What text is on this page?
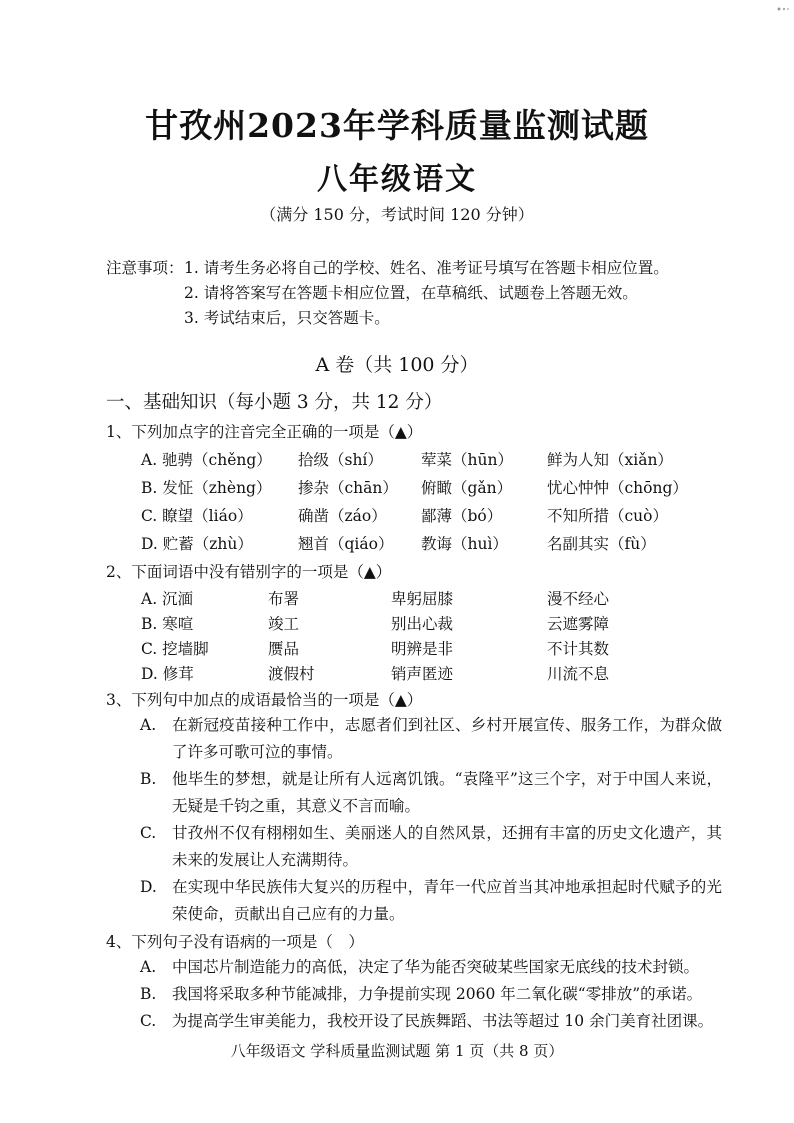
甘孜州2023年学科质量监测试题
八年级语文
（满分 150 分，考试时间 120 分钟）
注意事项： 1. 请考生务必将自己的学校、姓名、准考证号填写在答题卡相应位置。
2. 请将答案写在答题卡相应位置，在草稿纸、试题卷上答题无效。
3. 考试结束后，只交答题卡。
A 卷（共 100 分）
一、基础知识（每小题 3 分，共 12 分）
1、下列加点字的注音完全正确的一项是（▲）
A. 驰骋（chěng） 拾级（shí） 荤菜（hūn） 鲜为人知（xiǎn）
B. 发怔（zhèng） 掺杂（chān） 俯瞰（gǎn） 忧心忡忡（chōng）
C. 瞭望（liáo）	确凿（záo） 鄙薄（bó）	不知所措（cuò）
D. 贮蓄（zhù）	翘首（qiáo） 教诲（huì）	名副其实（fù）
2、下面词语中没有错别字的一项是（▲）
A. 沉湎	布署	卑躬屈膝	漫不经心
B. 寒喧	竣工	别出心裁	云遮雾障
C. 挖墙脚	赝品	明辨是非	不计其数
D. 修茸	渡假村	销声匿迹	川流不息
3、下列句中加点的成语最恰当的一项是（▲）
A.	在新冠疫苗接种工作中，志愿者们到社区、乡村开展宣传、服务工作，为群众做了许多可歌可泣的事情。
B.	他毕生的梦想，就是让所有人远离饥饿。“袁隆平”这三个字，对于中国人来说，无疑是千钧之重，其意义不言而喻。
C.	甘孜州不仅有栩栩如生、美丽迷人的自然风景，还拥有丰富的历史文化遗产，其未来的发展让人充满期待。
D. 在实现中华民族伟大复兴的历程中，青年一代应首当其冲地承担起时代赋予的光荣使命，贡献出自己应有的力量。
4、下列句子没有语病的一项是（　）
A.	中国芯片制造能力的高低，决定了华为能否突破某些国家无底线的技术封锁。
B.	我国将采取多种节能减排，力争提前实现 2060 年二氧化碳“零排放”的承诺。
C.	为提高学生审美能力，我校开设了民族舞蹈、书法等超过 10 余门美育社团课。
八年级语文 学科质量监测试题 第 1 页（共 8 页）
